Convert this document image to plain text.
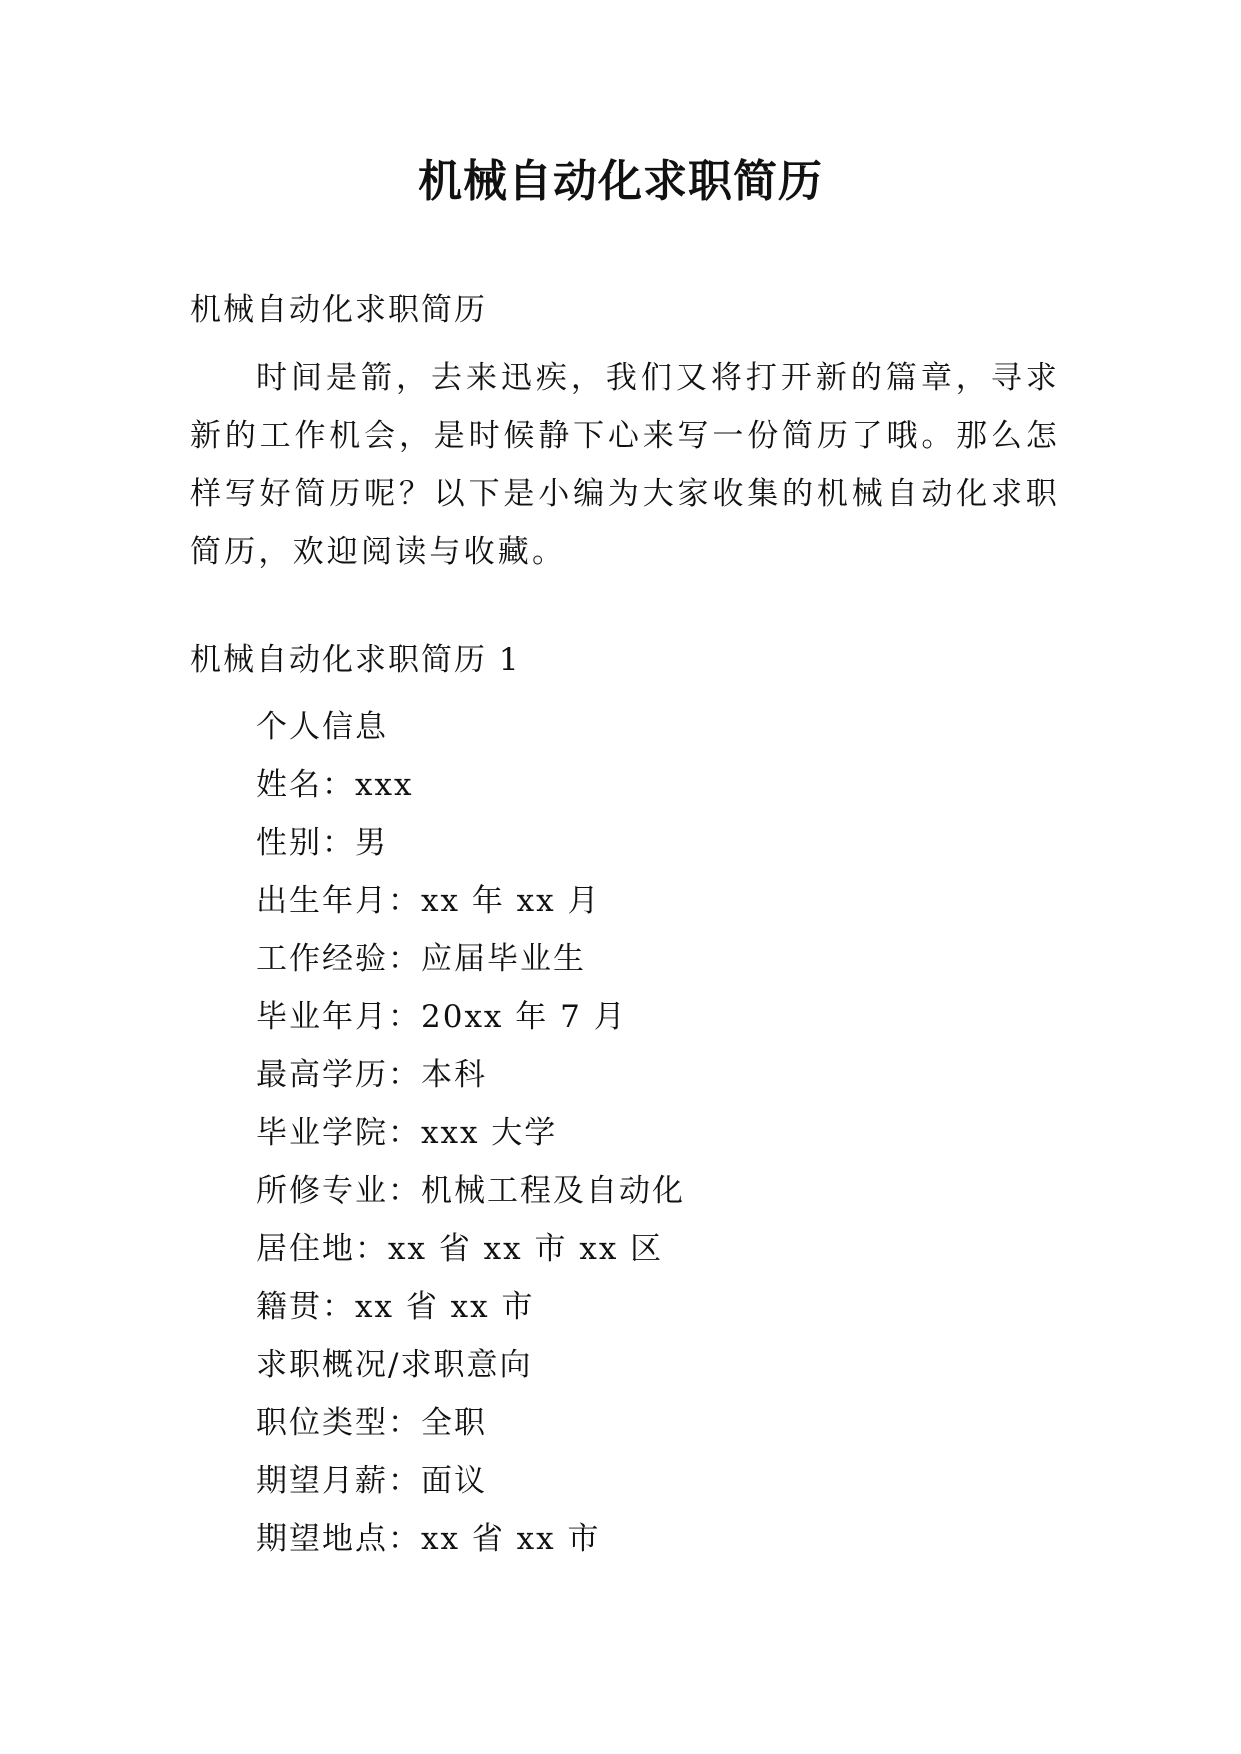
机械自动化求职简历
机械自动化求职简历

时间是箭，去来迅疾，我们又将打开新的篇章，寻求新的工作机会，是时候静下心来写一份简历了哦。那么怎样写好简历呢？以下是小编为大家收集的机械自动化求职简历，欢迎阅读与收藏。

机械自动化求职简历 1
个人信息
姓名：xxx
性别：男
出生年月：xx 年 xx 月
工作经验：应届毕业生
毕业年月：20xx 年 7 月
最高学历：本科
毕业学院：xxx 大学
所修专业：机械工程及自动化
居住地：xx 省 xx 市 xx 区
籍贯：xx 省 xx 市
求职概况/求职意向
职位类型：全职
期望月薪：面议
期望地点：xx 省 xx 市
